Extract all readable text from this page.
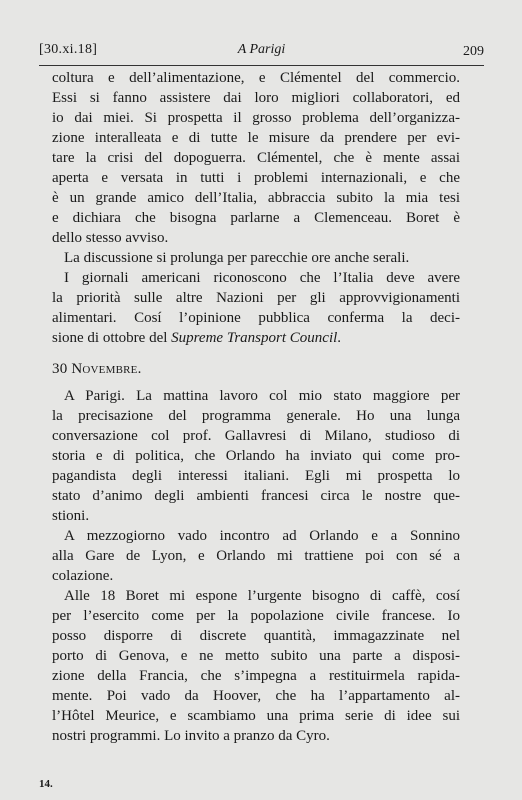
[30.xi.18]	A Parigi	209
coltura e dell’alimentazione, e Clémentel del commercio.
Essi si fanno assistere dai loro migliori collaboratori, ed
io dai miei. Si prospetta il grosso problema dell’organizza-
zione interalleata e di tutte le misure da prendere per evi-
tare la crisi del dopoguerra. Clémentel, che è mente assai
aperta e versata in tutti i problemi internazionali, e che
è un grande amico dell’Italia, abbraccia subito la mia tesi
e dichiara che bisogna parlarne a Clemenceau. Boret è
dello stesso avviso.
La discussione si prolunga per parecchie ore anche serali.
I giornali americani riconoscono che l’Italia deve avere
la priorità sulle altre Nazioni per gli approvvigionamenti
alimentari. Cosí l’opinione pubblica conferma la deci-
sione di ottobre del Supreme Transport Council.
30 Novembre.
A Parigi. La mattina lavoro col mio stato maggiore per
la precisazione del programma generale. Ho una lunga
conversazione col prof. Gallavresi di Milano, studioso di
storia e di politica, che Orlando ha inviato qui come pro-
pagandista degli interessi italiani. Egli mi prospetta lo
stato d’animo degli ambienti francesi circa le nostre que-
stioni.
A mezzogiorno vado incontro ad Orlando e a Sonnino
alla Gare de Lyon, e Orlando mi trattiene poi con sé a
colazione.
Alle 18 Boret mi espone l’urgente bisogno di caffè, cosí
per l’esercito come per la popolazione civile francese. Io
posso disporre di discrete quantità, immagazzinate nel
porto di Genova, e ne metto subito una parte a disposi-
zione della Francia, che s’impegna a restituirmela rapida-
mente. Poi vado da Hoover, che ha l’appartamento al-
l’Hôtel Meurice, e scambiamo una prima serie di idee sui
nostri programmi. Lo invito a pranzo da Cyro.
14.
